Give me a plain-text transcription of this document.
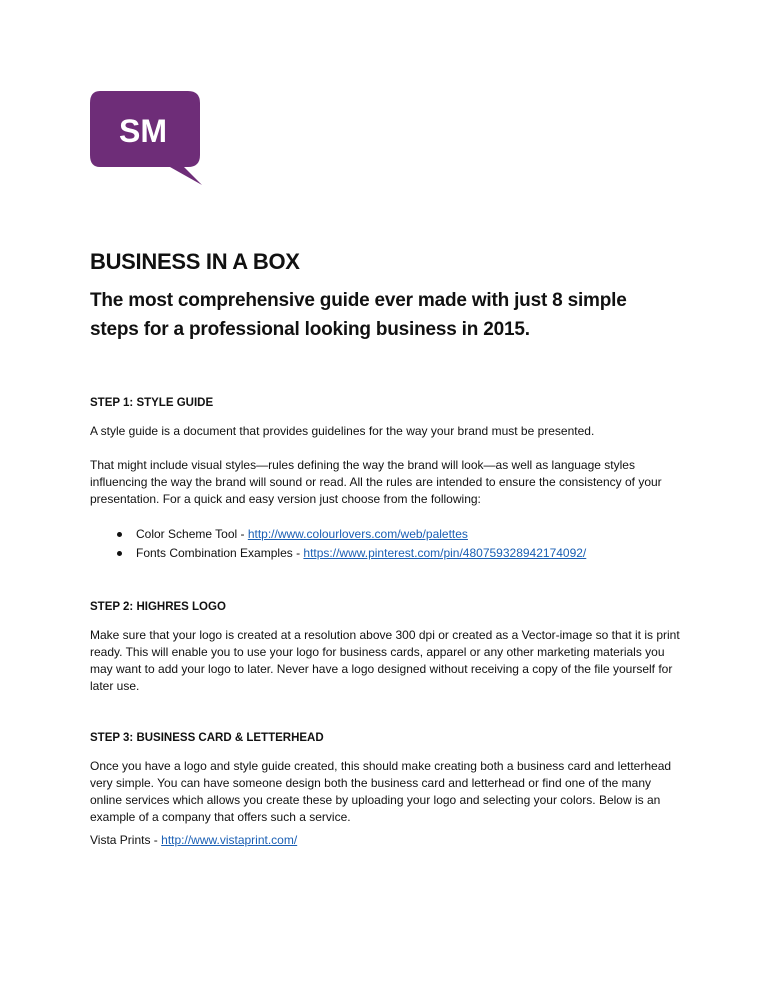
SM
BUSINESS IN A BOX
The most comprehensive guide ever made with just 8 simple
steps for a professional looking business in 2015.
STEP 1: STYLE GUIDE

A style guide is a document that provides guidelines for the way your brand must be presented.

That might include visual styles—rules defining the way the brand will look—as well as language styles influencing the way the brand will sound or read. All the rules are intended to ensure the consistency of your presentation. For a quick and easy version just choose from the following:

Color Scheme Tool - http://www.colourlovers.com/web/palettes
Fonts Combination Examples - https://www.pinterest.com/pin/480759328942174092/
STEP 2: HIGHRES LOGO

Make sure that your logo is created at a resolution above 300 dpi or created as a Vector-image so that it is print ready. This will enable you to use your logo for business cards, apparel or any other marketing materials you may want to add your logo to later. Never have a logo designed without receiving a copy of the file yourself for later use.

STEP 3: BUSINESS CARD & LETTERHEAD

Once you have a logo and style guide created, this should make creating both a business card and letterhead very simple. You can have someone design both the business card and letterhead or find one of the many online services which allows you create these by uploading your logo and selecting your colors. Below is an example of a company that offers such a service.

Vista Prints - http://www.vistaprint.com/
